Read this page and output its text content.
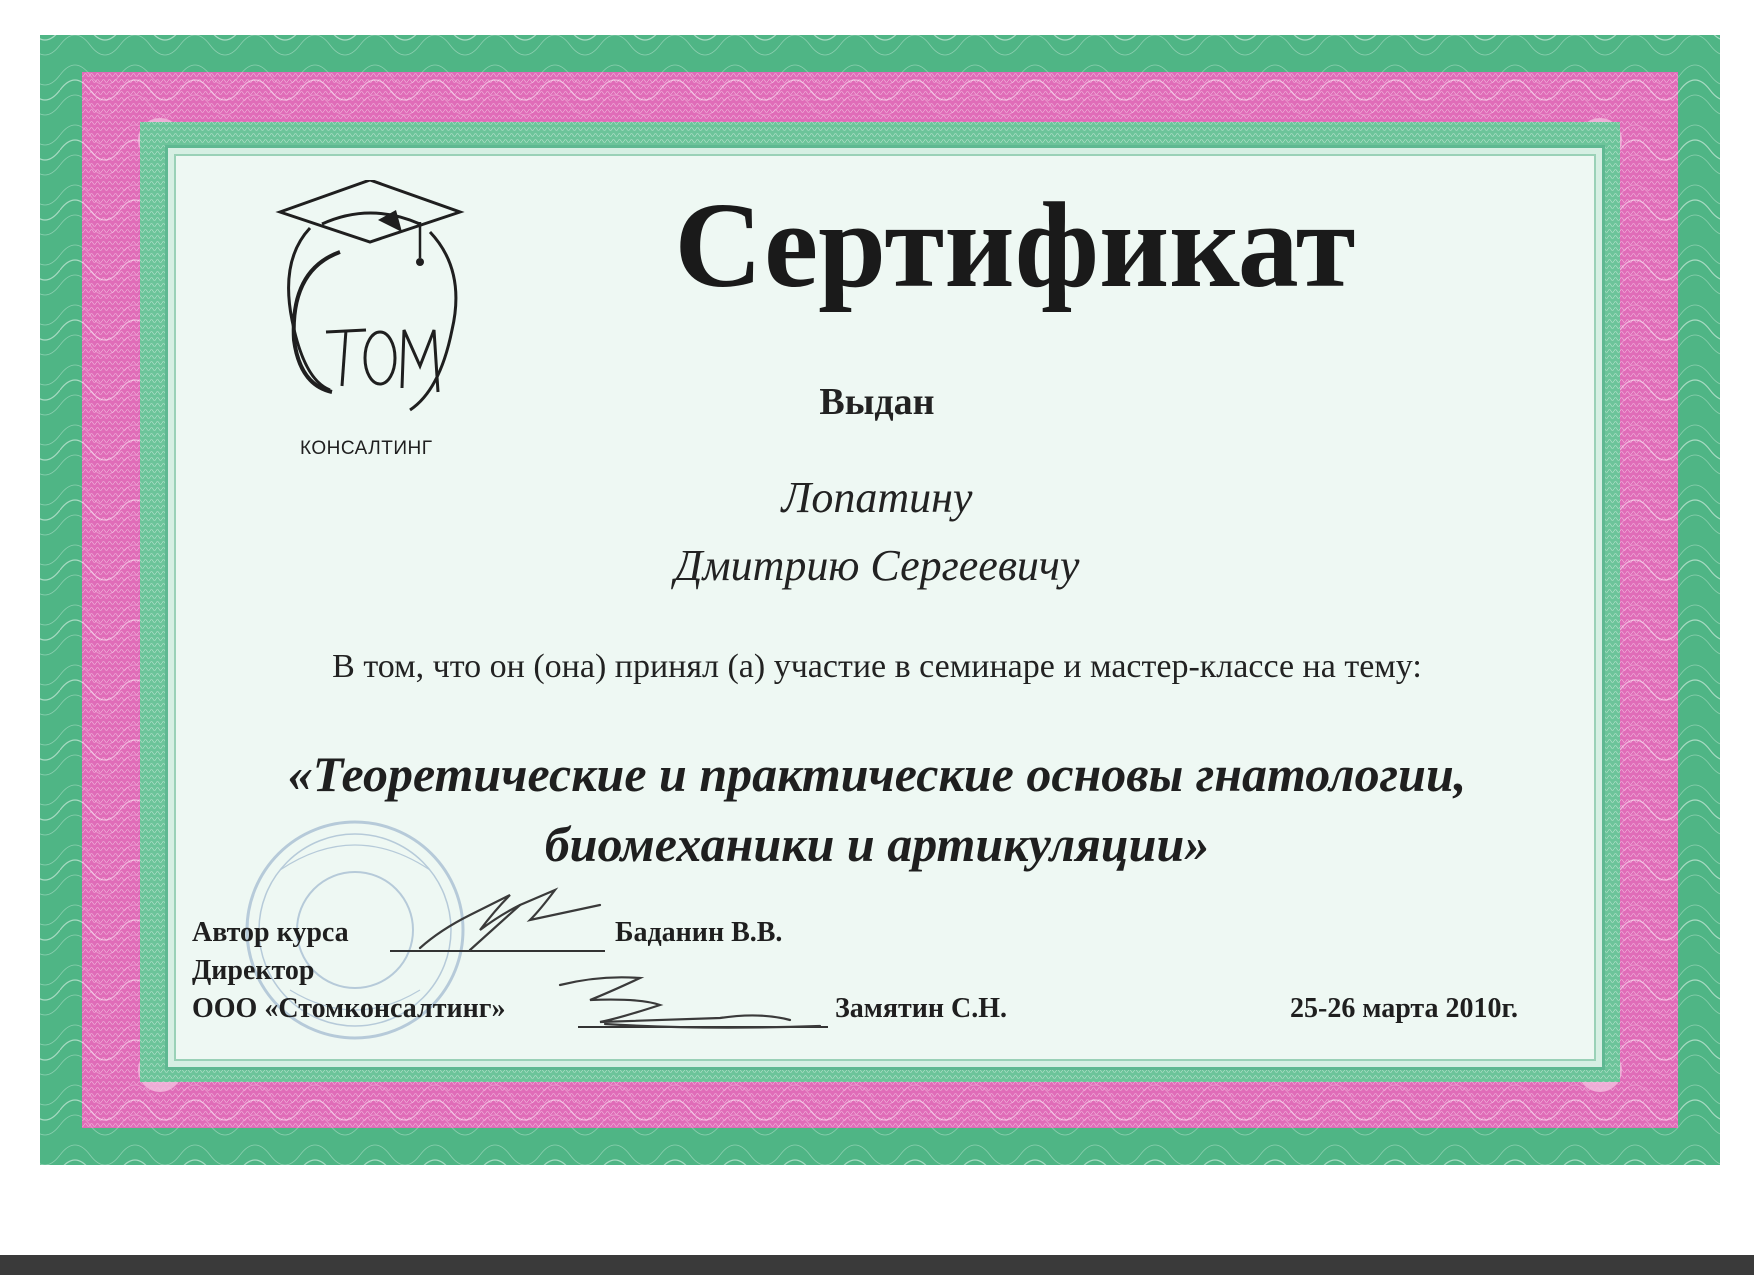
КОНСАЛТИНГ
Сертификат
Выдан
Лопатину
Дмитрию Сергеевичу
В том, что он (она) принял (а) участие в семинаре и мастер-классе на тему:
«Теоретические и практические основы гнатологии,
биомеханики и артикуляции»
Автор курса	Баданин В.В.
Директор
ООО «Стомконсалтинг»	Замятин С.Н.	25-26 марта 2010г.
